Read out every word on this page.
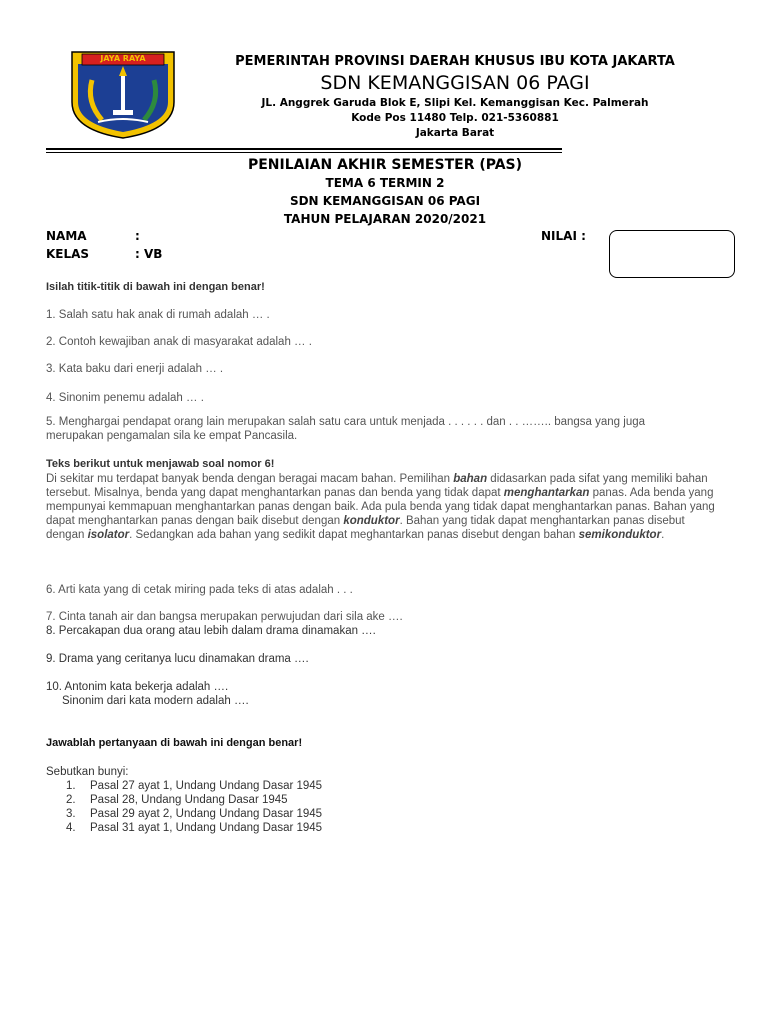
JAYA RAYA	PEMERINTAH PROVINSI DAERAH KHUSUS IBU KOTA JAKARTA
SDN KEMANGGISAN 06 PAGI
JL. Anggrek Garuda Blok E, Slipi Kel. Kemanggisan Kec. Palmerah
Kode Pos 11480 Telp. 021-5360881
Jakarta Barat
PENILAIAN AKHIR SEMESTER (PAS)
TEMA 6 TERMIN 2
SDN KEMANGGISAN 06 PAGI
TAHUN PELAJARAN 2020/2021
NAMA	:
KELAS	: VB
NILAI :
Isilah titik-titik di bawah ini dengan benar!
1. Salah satu hak anak di rumah adalah … .
2. Contoh kewajiban anak di masyarakat adalah … .
3. Kata baku dari enerji adalah … .
4. Sinonim penemu adalah … .
5. Menghargai pendapat orang lain merupakan salah satu cara untuk menjada . . . . . . dan . . …….. bangsa yang juga
merupakan pengamalan sila ke empat Pancasila.
Teks berikut untuk menjawab soal nomor 6!
Di sekitar mu terdapat banyak benda dengan beragai macam bahan. Pemilihan bahan didasarkan pada sifat yang memiliki bahan tersebut. Misalnya, benda yang dapat menghantarkan panas dan benda yang tidak dapat menghantarkan panas. Ada benda yang mempunyai kemmapuan menghantarkan panas dengan baik. Ada pula benda yang tidak dapat menghantarkan panas. Bahan yang dapat menghantarkan panas dengan baik disebut dengan konduktor. Bahan yang tidak dapat menghantarkan panas disebut dengan isolator. Sedangkan ada bahan yang sedikit dapat meghantarkan panas disebut dengan bahan semikonduktor.
6. Arti kata yang di cetak miring pada teks di atas adalah . . .
7. Cinta tanah air dan bangsa merupakan perwujudan dari sila ake ….
8. Percakapan dua orang atau lebih dalam drama dinamakan ….
9. Drama yang ceritanya lucu dinamakan drama ….
10. Antonim kata bekerja adalah ….
Sinonim dari kata modern adalah ….
Jawablah pertanyaan di bawah ini dengan benar!
Sebutkan bunyi:
1. Pasal 27 ayat 1, Undang Undang Dasar 1945
2. Pasal 28, Undang Undang Dasar 1945
3. Pasal 29 ayat 2, Undang Undang Dasar 1945
4. Pasal 31 ayat 1, Undang Undang Dasar 1945
